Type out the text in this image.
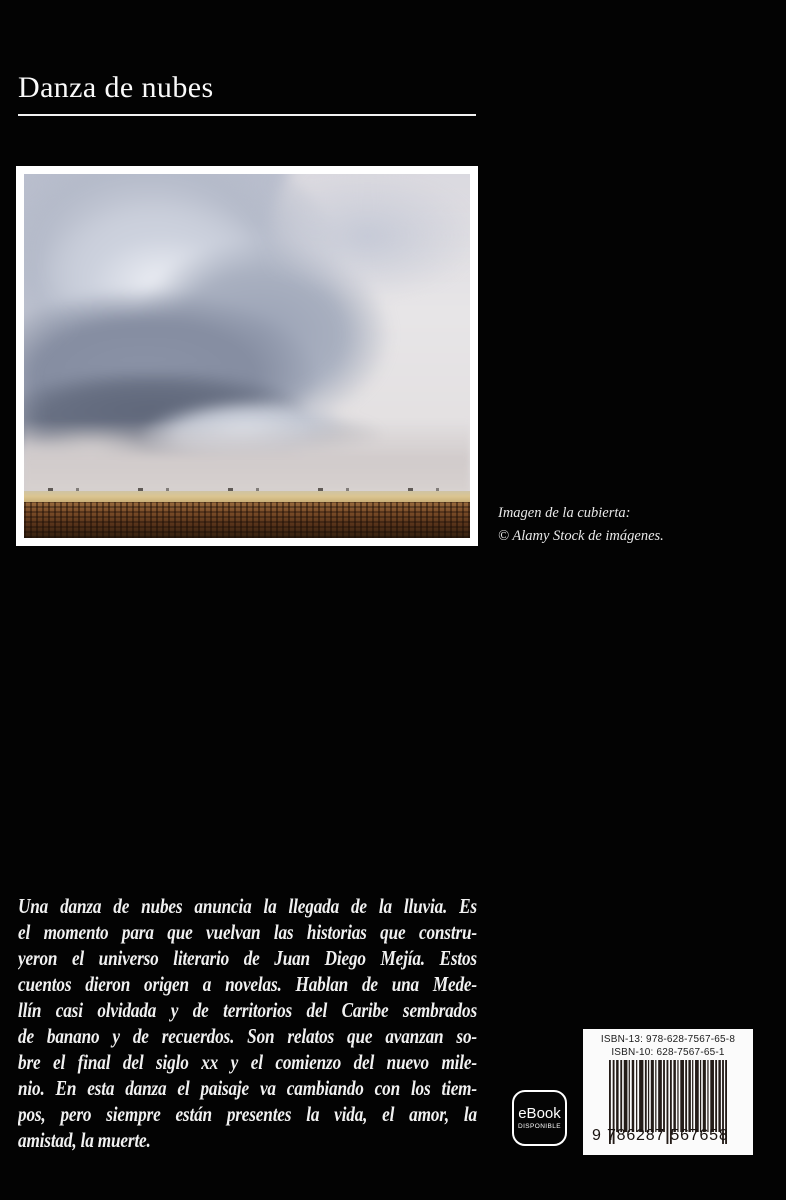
Danza de nubes
Imagen de la cubierta:
© Alamy Stock de imágenes.
Una danza de nubes anuncia la llegada de la lluvia. Es
el momento para que vuelvan las historias que constru-
yeron el universo literario de Juan Diego Mejía. Estos
cuentos dieron origen a novelas. Hablan de una Mede-
llín casi olvidada y de territorios del Caribe sembrados
de banano y de recuerdos. Son relatos que avanzan so-
bre el final del siglo xx y el comienzo del nuevo mile-
nio. En esta danza el paisaje va cambiando con los tiem-
pos, pero siempre están presentes la vida, el amor, la
amistad, la muerte.
eBook
DISPONIBLE
ISBN-13: 978-628-7567-65-8
ISBN-10: 628-7567-65-1
9 786287 567658
